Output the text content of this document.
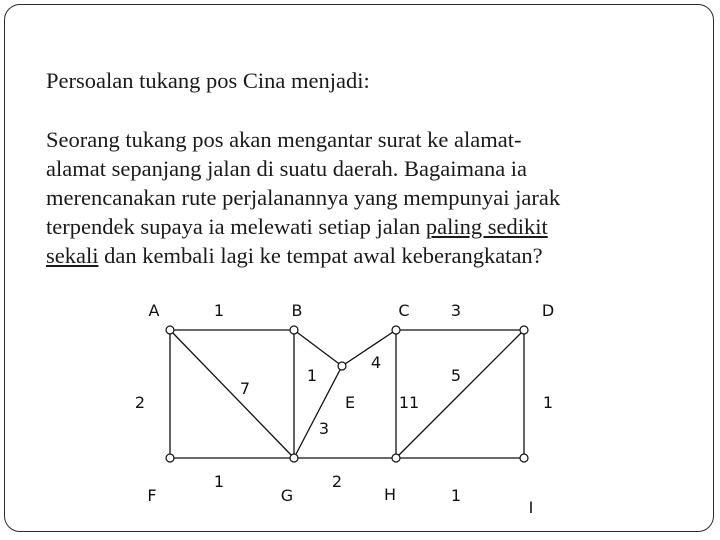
Persoalan tukang pos Cina menjadi:

Seorang tukang pos akan mengantar surat ke alamat-
alamat sepanjang jalan di suatu daerah. Bagaimana ia
merencanakan rute perjalanannya yang mempunyai jarak
terpendek supaya ia melewati setiap jalan paling sedikit
sekali dan kembali lagi ke tempat awal keberangkatan?

1	3
2
7
1
4
3
11
5
1
1	2
1
A	B	C	D
E
F	G	H
I
